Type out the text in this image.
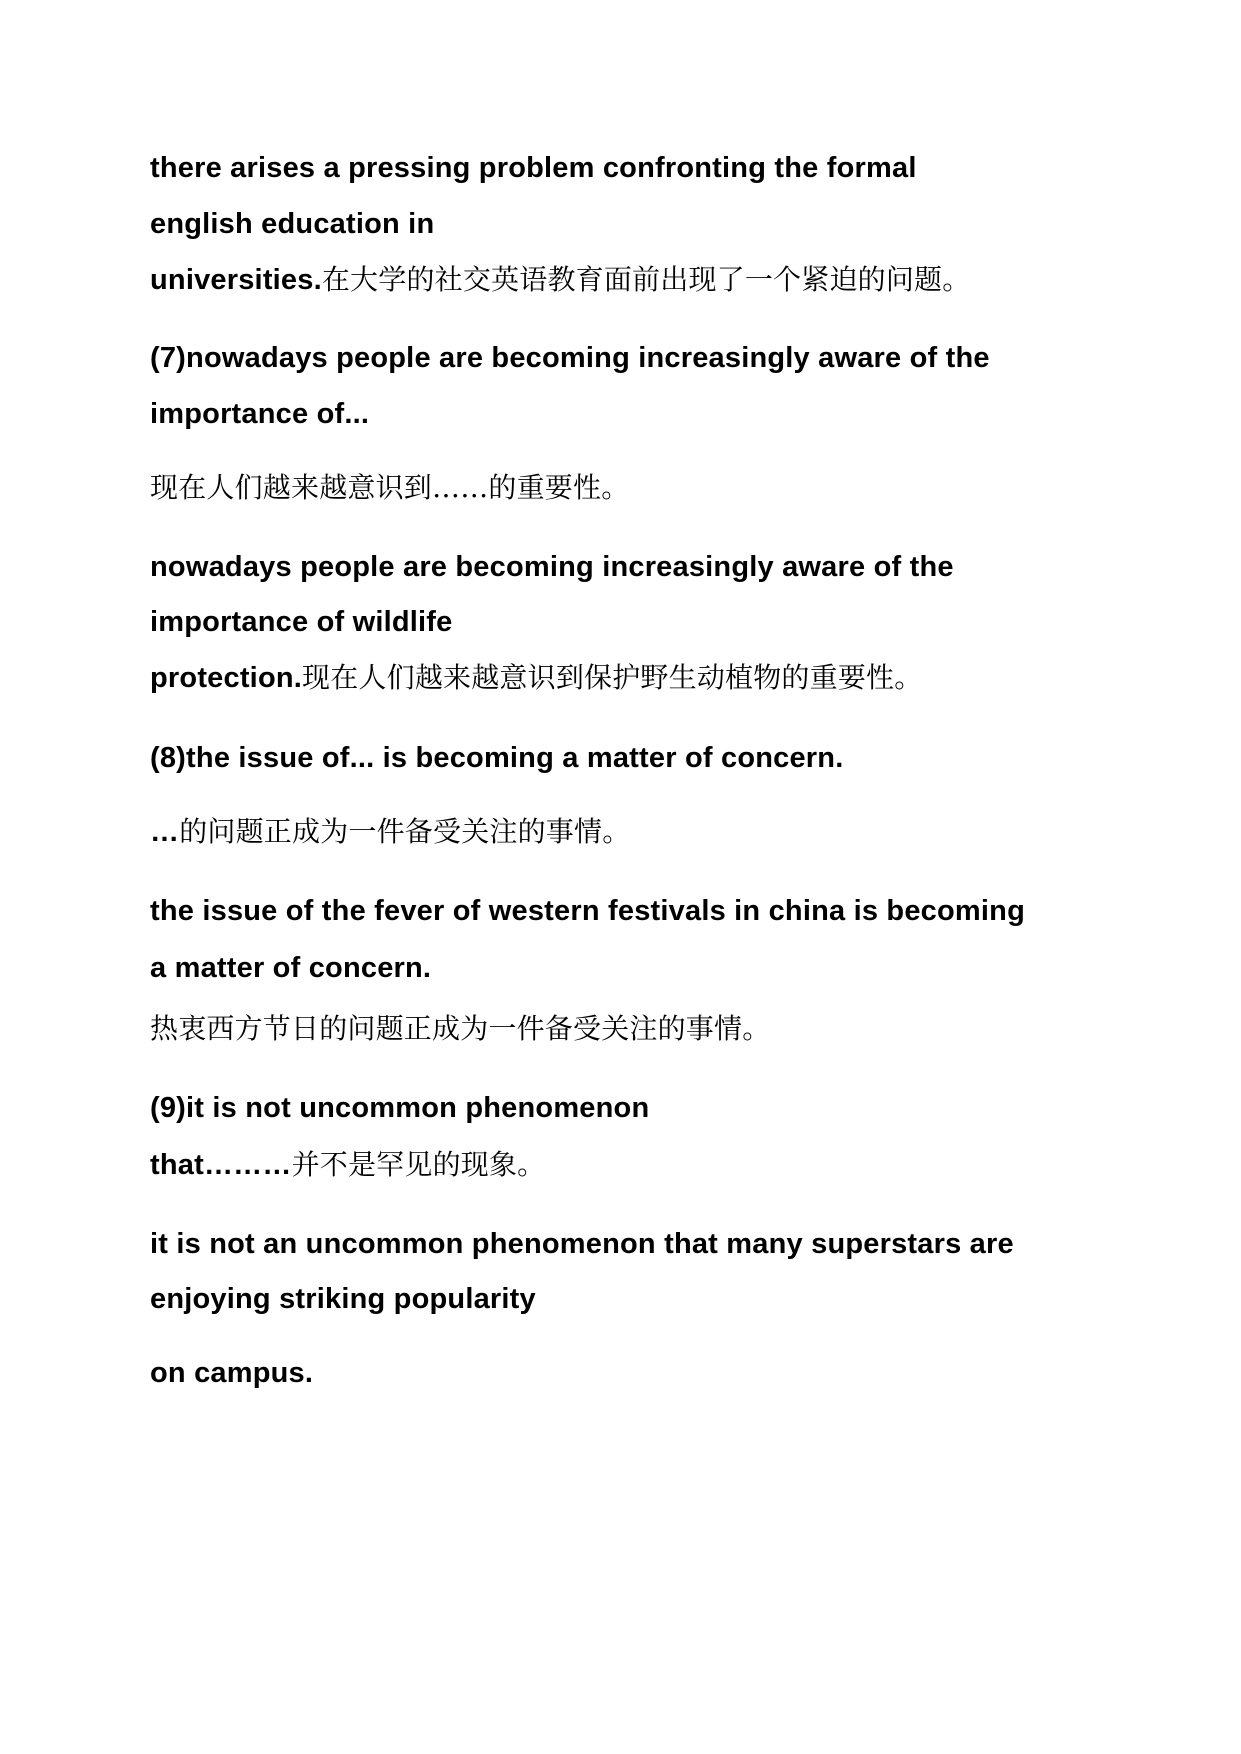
there arises a pressing problem confronting the formal
english education in
universities.在大学的社交英语教育面前出现了一个紧迫的问题。
(7)nowadays people are becoming increasingly aware of the
importance of...
现在人们越来越意识到……的重要性。
nowadays people are becoming increasingly aware of the
importance of wildlife
protection.现在人们越来越意识到保护野生动植物的重要性。
(8)the issue of... is becoming a matter of concern.
…的问题正成为一件备受关注的事情。
the issue of the fever of western festivals in china is becoming
a matter of concern.
热衷西方节日的问题正成为一件备受关注的事情。
(9)it is not uncommon phenomenon
that………并不是罕见的现象。
it is not an uncommon phenomenon that many superstars are
enjoying striking popularity
on campus.
